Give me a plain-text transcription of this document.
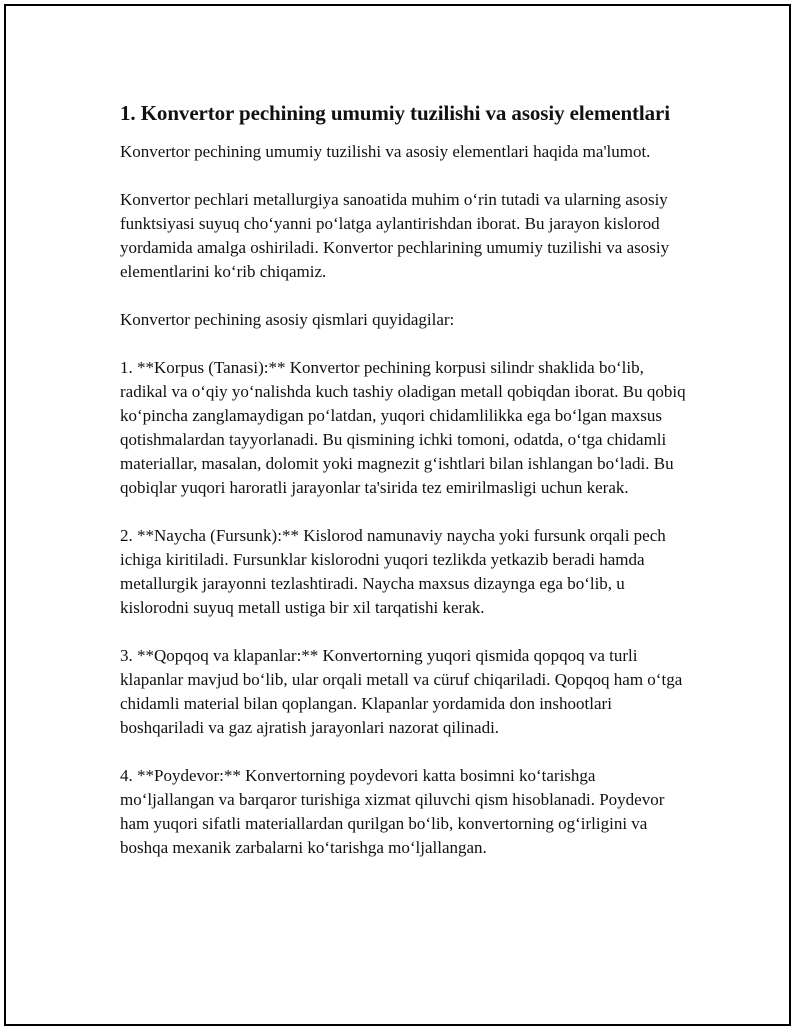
1. Konvertor pechining umumiy tuzilishi va asosiy elementlari

Konvertor pechining umumiy tuzilishi va asosiy elementlari haqida ma'lumot.

Konvertor pechlari metallurgiya sanoatida muhim o‘rin tutadi va ularning asosiy funktsiyasi suyuq cho‘yanni po‘latga aylantirishdan iborat. Bu jarayon kislorod yordamida amalga oshiriladi. Konvertor pechlarining umumiy tuzilishi va asosiy elementlarini ko‘rib chiqamiz.

Konvertor pechining asosiy qismlari quyidagilar:

1. **Korpus (Tanasi):** Konvertor pechining korpusi silindr shaklida bo‘lib, radikal va o‘qiy yo‘nalishda kuch tashiy oladigan metall qobiqdan iborat. Bu qobiq ko‘pincha zanglamaydigan po‘latdan, yuqori chidamlilikka ega bo‘lgan maxsus qotishmalardan tayyorlanadi. Bu qismining ichki tomoni, odatda, o‘tga chidamli materiallar, masalan, dolomit yoki magnezit g‘ishtlari bilan ishlangan bo‘ladi. Bu qobiqlar yuqori haroratli jarayonlar ta'sirida tez emirilmasligi uchun kerak.

2. **Naycha (Fursunk):** Kislorod namunaviy naycha yoki fursunk orqali pech ichiga kiritiladi. Fursunklar kislorodni yuqori tezlikda yetkazib beradi hamda metallurgik jarayonni tezlashtiradi. Naycha maxsus dizaynga ega bo‘lib, u kislorodni suyuq metall ustiga bir xil tarqatishi kerak.

3. **Qopqoq va klapanlar:** Konvertorning yuqori qismida qopqoq va turli klapanlar mavjud bo‘lib, ular orqali metall va cüruf chiqariladi. Qopqoq ham o‘tga chidamli material bilan qoplangan. Klapanlar yordamida don inshootlari boshqariladi va gaz ajratish jarayonlari nazorat qilinadi.

4. **Poydevor:** Konvertorning poydevori katta bosimni ko‘tarishga mo‘ljallangan va barqaror turishiga xizmat qiluvchi qism hisoblanadi. Poydevor ham yuqori sifatli materiallardan qurilgan bo‘lib, konvertorning og‘irligini va boshqa mexanik zarbalarni ko‘tarishga mo‘ljallangan.
